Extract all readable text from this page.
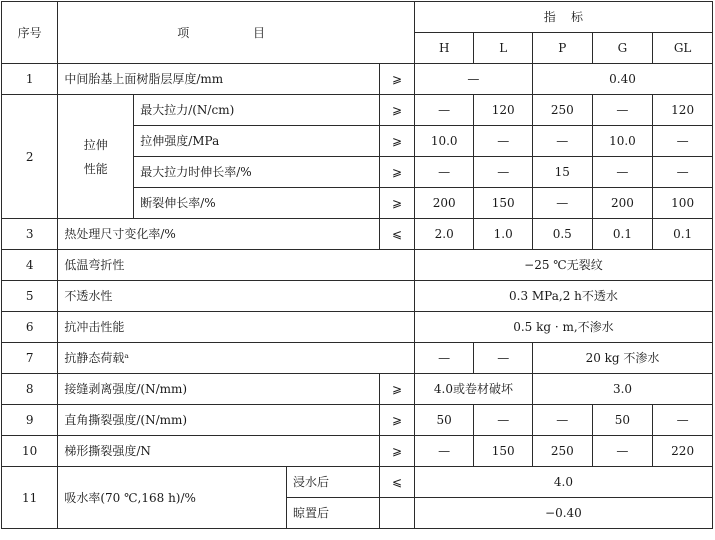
序号	项 目				指    标				
					H	L	P	G	GL
1	中间胎基上面树脂层厚度/mm			⩾	—		0.40		
2	拉伸性能	最大拉力/(N/cm)		⩾	—	120	250	—	120
		拉伸强度/MPa		⩾	10.0	—	—	10.0	—
		最大拉力时伸长率/%		⩾	—	—	15	—	—
		断裂伸长率/%		⩾	200	150	—	200	100
3	热处理尺寸变化率/%			⩽	2.0	1.0	0.5	0.1	0.1
4	低温弯折性				−25 ℃无裂纹				
5	不透水性				0.3 MPa,2 h不透水				
6	抗冲击性能				0.5 kg · m,不渗水				
7	抗静态荷载ᵃ				—	—	20 kg 不渗水		
8	接缝剥离强度/(N/mm)			⩾	4.0或卷材破坏		3.0		
9	直角撕裂强度/(N/mm)			⩾	50	—	—	50	—
10	梯形撕裂强度/N			⩾	—	150	250	—	220
11	吸水率(70 ℃,168 h)/%		浸水后	⩽	4.0				
			晾置后		−0.40				
